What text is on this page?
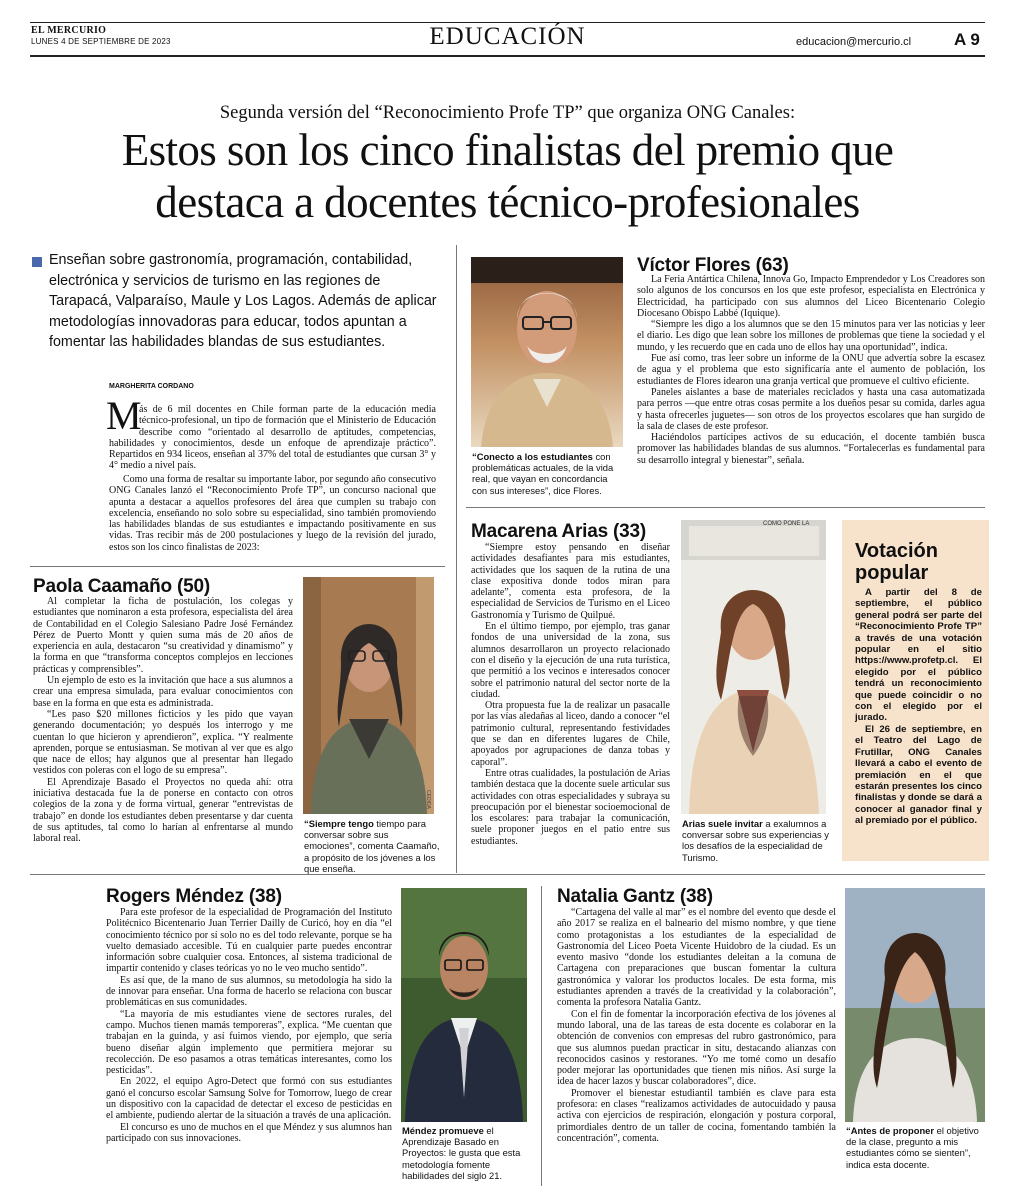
EL MERCURIO
LUNES 4 DE SEPTIEMBRE DE 2023	EDUCACIÓN	educacion@mercurio.cl	A 9
Segunda versión del “Reconocimiento Profe TP” que organiza ONG Canales:
Estos son los cinco finalistas del premio que
destaca a docentes técnico-profesionales
Enseñan sobre gastronomía, programación, contabilidad, electrónica y servicios de turismo en las regiones de Tarapacá, Valparaíso, Maule y Los Lagos. Además de aplicar metodologías innovadoras para educar, todos apuntan a fomentar las habilidades blandas de sus estudiantes.
MARGHERITA CORDANO
M
ás de 6 mil docentes en Chile forman parte de la educación media técnico-profesional, un tipo de formación que el Ministerio de Educación describe como “orientado al desarrollo de aptitudes, competencias, habilidades y conocimientos, desde un enfoque de aprendizaje práctico”. Repartidos en 934 liceos, enseñan al 37% del total de estudiantes que cursan 3° y 4° medio a nivel país.

Como una forma de resaltar su importante labor, por segundo año consecutivo ONG Canales lanzó el “Reconocimiento Profe TP”, un concurso nacional que apunta a destacar a aquellos profesores del área que cumplen su trabajo con excelencia, enseñando no solo sobre su especialidad, sino también promoviendo las habilidades blandas de sus estudiantes e impactando positivamente en sus vidas. Tras recibir más de 200 postulaciones y luego de la revisión del jurado, estos son los cinco finalistas de 2023:

“Conecto a los estudiantes con problemáticas actuales, de la vida real, que vayan en concordancia con sus intereses”, dice Flores.
Víctor Flores (63)

La Feria Antártica Chilena, Innova Go, Impacto Emprendedor y Los Creadores son solo algunos de los concursos en los que este profesor, especialista en Electrónica y Electricidad, ha participado con sus alumnos del Liceo Bicentenario Colegio Diocesano Obispo Labbé (Iquique).

“Siempre les digo a los alumnos que se den 15 minutos para ver las noticias y leer el diario. Les digo que lean sobre los millones de problemas que tiene la sociedad y el mundo, y les recuerdo que en cada uno de ellos hay una oportunidad”, indica.

Fue así como, tras leer sobre un informe de la ONU que advertía sobre la escasez de agua y el problema que esto significaría ante el aumento de población, los estudiantes de Flores idearon una granja vertical que promueve el cultivo eficiente.

Paneles aislantes a base de materiales reciclados y hasta una casa automatizada para perros —que entre otras cosas permite a los dueños pesar su comida, darles agua y hasta ofrecerles juguetes— son otros de los proyectos escolares que han surgido de la sala de clases de este profesor.

Haciéndolos partícipes activos de su educación, el docente también busca promover las habilidades blandas de sus alumnos. “Fortalecerlas es fundamental para su desarrollo integral y bienestar”, señala.

Paola Caamaño (50)

Al completar la ficha de postulación, los colegas y estudiantes que nominaron a esta profesora, especialista del área de Contabilidad en el Colegio Salesiano Padre José Fernández Pérez de Puerto Montt y quien suma más de 20 años de experiencia en aula, destacaron “su creatividad y dinamismo” y la forma en que “transforma conceptos complejos en lecciones prácticas y comprensibles”.

Un ejemplo de esto es la invitación que hace a sus alumnos a crear una empresa simulada, para evaluar conocimientos con base en la forma en que esta es administrada.

“Les paso $20 millones ficticios y les pido que vayan generando documentación; yo después los interrogo y me cuentan lo que hicieron y aprendieron”, explica. “Y realmente aprenden, porque se entusiasman. Se motivan al ver que es algo que nace de ellos; hay algunos que al presentar han llegado vestidos con poleras con el logo de su empresa”.

El Aprendizaje Basado el Proyectos no queda ahí: otra iniciativa destacada fue la de ponerse en contacto con otros colegios de la zona y de forma virtual, generar “entrevistas de trabajo” en donde los estudiantes deben presentarse y dar cuenta de sus aptitudes, tal como lo harían al enfrentarse al mundo laboral real.

CEDIDA
“Siempre tengo tiempo para conversar sobre sus emociones”, comenta Caamaño, a propósito de los jóvenes a los que enseña.
Macarena Arias (33)

“Siempre estoy pensando en diseñar actividades desafiantes para mis estudiantes, actividades que los saquen de la rutina de una clase expositiva donde todos miran para adelante”, comenta esta profesora, de la especialidad de Servicios de Turismo en el Liceo Gastronomía y Turismo de Quilpué.

En el último tiempo, por ejemplo, tras ganar fondos de una universidad de la zona, sus alumnos desarrollaron un proyecto relacionado con el diseño y la ejecución de una ruta turística, que permitió a los vecinos e interesados conocer sobre el patrimonio natural del sector norte de la ciudad.

Otra propuesta fue la de realizar un pasacalle por las vías aledañas al liceo, dando a conocer “el patrimonio cultural, representando festividades que se dan en diferentes lugares de Chile, apoyados por agrupaciones de danza tobas y caporal”.

Entre otras cualidades, la postulación de Arias también destaca que la docente suele articular sus actividades con otras especialidades y subraya su preocupación por el bienestar socioemocional de los escolares: para trabajar la comunicación, suele proponer juegos en el patio entre sus estudiantes.

COMO PONE LA
Arias suele invitar a exalumnos a conversar sobre sus experiencias y los desafíos de la especialidad de Turismo.
Votación
popular

A partir del 8 de septiembre, el público general podrá ser parte del “Reconocimiento Profe TP” a través de una votación popular en el sitio https://www.profetp.cl. El elegido por el público tendrá un reconocimiento que puede coincidir o no con el elegido por el jurado.

El 26 de septiembre, en el Teatro del Lago de Frutillar, ONG Canales llevará a cabo el evento de premiación en el que estarán presentes los cinco finalistas y donde se dará a conocer al ganador final y al premiado por el público.

Rogers Méndez (38)

Para este profesor de la especialidad de Programación del Instituto Politécnico Bicentenario Juan Terrier Dailly de Curicó, hoy en día “el conocimiento técnico por sí solo no es del todo relevante, porque se ha vuelto demasiado accesible. Tú en cualquier parte puedes encontrar información sobre cualquier cosa. Entonces, al sistema tradicional de impartir contenido y clases teóricas yo no le veo mucho sentido”.

Es así que, de la mano de sus alumnos, su metodología ha sido la de innovar para enseñar. Una forma de hacerlo se relaciona con buscar problemáticas en sus comunidades.

“La mayoría de mis estudiantes viene de sectores rurales, del campo. Muchos tienen mamás temporeras”, explica. “Me cuentan que trabajan en la guinda, y así fuimos viendo, por ejemplo, que sería bueno diseñar algún implemento que permitiera mejorar su recolección. De eso pasamos a otras temáticas interesantes, como los pesticidas”.

En 2022, el equipo Agro-Detect que formó con sus estudiantes ganó el concurso escolar Samsung Solve for Tomorrow, luego de crear un dispositivo con la capacidad de detectar el exceso de pesticidas en el ambiente, pudiendo alertar de la situación a través de una aplicación.

El concurso es uno de muchos en el que Méndez y sus alumnos han participado con sus innovaciones.

Méndez promueve el Aprendizaje Basado en Proyectos: le gusta que esta metodología fomente habilidades del siglo 21.
Natalia Gantz (38)

“Cartagena del valle al mar” es el nombre del evento que desde el año 2017 se realiza en el balneario del mismo nombre, y que tiene como protagonistas a los estudiantes de la especialidad de Gastronomía del Liceo Poeta Vicente Huidobro de la ciudad. Es un evento masivo “donde los estudiantes deleitan a la comuna de Cartagena con preparaciones que buscan fomentar la cultura gastronómica y valorar los productos locales. De esta forma, mis estudiantes aprenden a través de la creatividad y la colaboración”, comenta la profesora Natalia Gantz.

Con el fin de fomentar la incorporación efectiva de los jóvenes al mundo laboral, una de las tareas de esta docente es colaborar en la obtención de convenios con empresas del rubro gastronómico, para que sus alumnos puedan practicar in situ, destacando alianzas con reconocidos casinos y restoranes. “Yo me tomé como un desafío poder mejorar las oportunidades que tienen mis niños. Así surge la idea de hacer lazos y buscar colaboradores”, dice.

Promover el bienestar estudiantil también es clave para esta profesora: en clases “realizamos actividades de autocuidado y pausa activa con ejercicios de respiración, elongación y postura corporal, primordiales dentro de un taller de cocina, fomentando también la concentración”, comenta.

“Antes de proponer el objetivo de la clase, pregunto a mis estudiantes cómo se sienten”, indica esta docente.
